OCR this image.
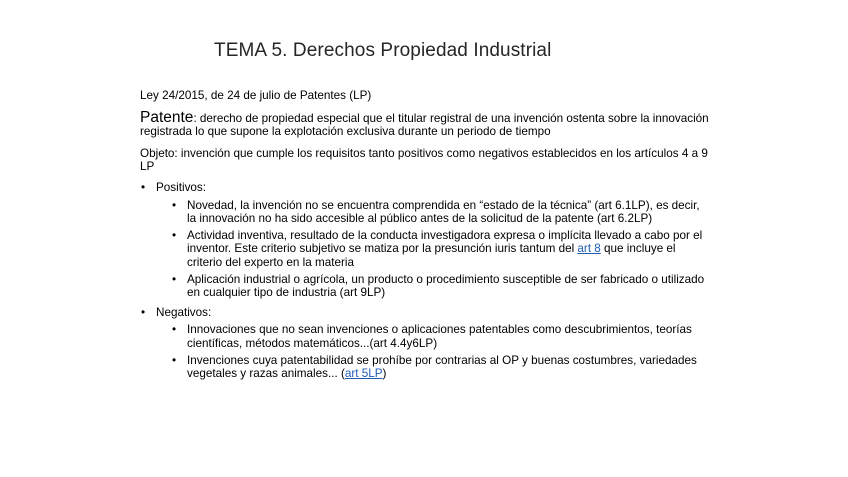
TEMA 5. Derechos Propiedad Industrial

Ley 24/2015, de 24 de julio de Patentes (LP)

Patente: derecho de propiedad especial que el titular registral de una invención ostenta sobre la innovación registrada lo que supone la explotación exclusiva durante un periodo de tiempo

Objeto: invención que cumple los requisitos tanto positivos como negativos establecidos en los artículos 4 a 9 LP

• Positivos:
• Novedad, la invención no se encuentra comprendida en “estado de la técnica” (art 6.1LP), es decir, la innovación no ha sido accesible al público antes de la solicitud de la patente (art 6.2LP)
• Actividad inventiva, resultado de la conducta investigadora expresa o implícita llevado a cabo por el inventor. Este criterio subjetivo se matiza por la presunción iuris tantum del art 8 que incluye el criterio del experto en la materia
• Aplicación industrial o agrícola, un producto o procedimiento susceptible de ser fabricado o utilizado en cualquier tipo de industria (art 9LP)
• Negativos:
• Innovaciones que no sean invenciones o aplicaciones patentables como descubrimientos, teorías científicas, métodos matemáticos...(art 4.4y6LP)
• Invenciones cuya patentabilidad se prohíbe por contrarias al OP y buenas costumbres, variedades vegetales y razas animales... (art 5LP)
